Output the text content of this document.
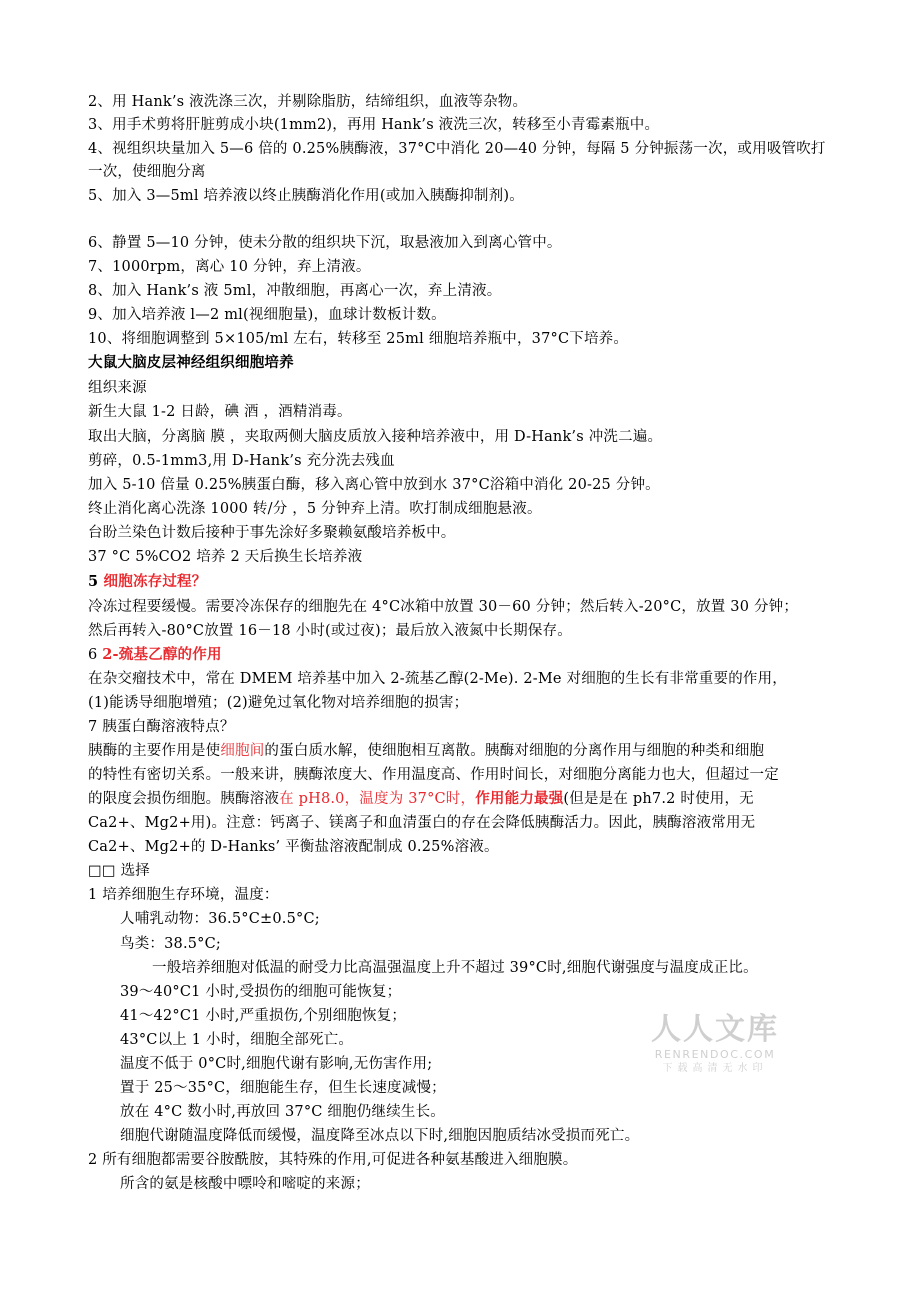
2、用 Hank’s 液洗涤三次，并剔除脂肪，结缔组织，血液等杂物。
3、用手术剪将肝脏剪成小块(1mm2)，再用 Hank’s 液洗三次，转移至小青霉素瓶中。
4、视组织块量加入 5—6 倍的 0.25%胰酶液，37°C中消化 20—40 分钟，每隔 5 分钟振荡一次，或用吸管吹打
一次，使细胞分离
5、加入 3—5ml 培养液以终止胰酶消化作用(或加入胰酶抑制剂)。
6、静置 5—10 分钟，使未分散的组织块下沉，取悬液加入到离心管中。
7、1000rpm，离心 10 分钟，弃上清液。
8、加入 Hank’s 液 5ml，冲散细胞，再离心一次，弃上清液。
9、加入培养液 l—2 ml(视细胞量)，血球计数板计数。
10、将细胞调整到 5×105/ml 左右，转移至 25ml 细胞培养瓶中，37°C下培养。
大鼠大脑皮层神经组织细胞培养
组织来源
新生大鼠 1-2 日龄，碘 酒 ，酒精消毒。
取出大脑，分离脑 膜 ，夹取两侧大脑皮质放入接种培养液中，用 D-Hank’s 冲洗二遍。
剪碎，0.5-1mm3,用 D-Hank’s 充分洗去残血
加入 5-10 倍量 0.25%胰蛋白酶，移入离心管中放到水 37°C浴箱中消化 20-25 分钟。
终止消化离心洗涤 1000 转/分 ，5 分钟弃上清。吹打制成细胞悬液。
台盼兰染色计数后接种于事先涂好多聚赖氨酸培养板中。
37 °C 5%CO2 培养 2 天后换生长培养液
5 细胞冻存过程？
冷冻过程要缓慢。需要冷冻保存的细胞先在 4°C冰箱中放置 30－60 分钟；然后转入-20°C，放置 30 分钟；
然后再转入-80°C放置 16－18 小时(或过夜)；最后放入液氮中长期保存。
6 2-巯基乙醇的作用
在杂交瘤技术中，常在 DMEM 培养基中加入 2-巯基乙醇(2-Me). 2-Me 对细胞的生长有非常重要的作用，
(1)能诱导细胞增殖；(2)避免过氧化物对培养细胞的损害；
7 胰蛋白酶溶液特点？
胰酶的主要作用是使细胞间的蛋白质水解，使细胞相互离散。胰酶对细胞的分离作用与细胞的种类和细胞
的特性有密切关系。一般来讲，胰酶浓度大、作用温度高、作用时间长，对细胞分离能力也大，但超过一定
的限度会损伤细胞。胰酶溶液在 pH8.0，温度为 37°C时，作用能力最强(但是是在 ph7.2 时使用，无
Ca2+、Mg2+用)。注意：钙离子、镁离子和血清蛋白的存在会降低胰酶活力。因此，胰酶溶液常用无
Ca2+、Mg2+的 D-Hanks’ 平衡盐溶液配制成 0.25%溶液。
□□ 选择
1 培养细胞生存环境，温度：
人哺乳动物：36.5°C±0.5°C;
鸟类：38.5°C;
一般培养细胞对低温的耐受力比高温强温度上升不超过 39°C时,细胞代谢强度与温度成正比。
39～40°C1 小时,受损伤的细胞可能恢复；
41～42°C1 小时,严重损伤,个别细胞恢复；
43°C以上 1 小时，细胞全部死亡。
温度不低于 0°C时,细胞代谢有影响,无伤害作用;
置于 25～35°C，细胞能生存，但生长速度减慢；
放在 4°C 数小时,再放回 37°C 细胞仍继续生长。
细胞代谢随温度降低而缓慢，温度降至冰点以下时,细胞因胞质结冰受损而死亡。
2 所有细胞都需要谷胺酰胺，其特殊的作用,可促进各种氨基酸进入细胞膜。
所含的氨是核酸中嘌呤和嘧啶的来源；
人人文库
RENRENDOC.COM
下载高清无水印
